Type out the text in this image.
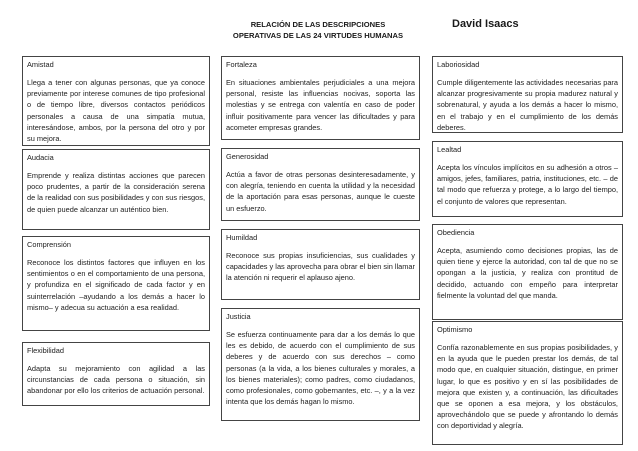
RELACIÓN DE LAS DESCRIPCIONES
OPERATIVAS DE LAS 24 VIRTUDES HUMANAS
David Isaacs
Amistad
Llega a tener con algunas personas, que ya conoce previamente por interese comunes de tipo profesional o de tiempo libre, diversos contactos periódicos personales a causa de una simpatía mutua, interesándose, ambos, por la persona del otro y por su mejora.
Audacia
Emprende y realiza distintas acciones que parecen poco prudentes, a partir de la consideración serena de la realidad con sus posibilidades y con sus riesgos, de quien puede alcanzar un auténtico bien.
Comprensión
Reconoce los distintos factores que influyen en los sentimientos o en el comportamiento de una persona, y profundiza en el significado de cada factor y en suinterrelación –ayudando a los demás a hacer lo mismo– y adecua su actuación a esa realidad.
Flexibilidad
Adapta su mejoramiento con agilidad a las circunstancias de cada persona o situación, sin abandonar por ello los criterios de actuación personal.
Fortaleza
En situaciones ambientales perjudiciales a una mejora personal, resiste las influencias nocivas, soporta las molestias y se entrega con valentía en caso de poder influir positivamente para vencer las dificultades y para acometer empresas grandes.
Generosidad
Actúa a favor de otras personas desinteresadamente, y con alegría, teniendo en cuenta la utilidad y la necesidad de la aportación para esas personas, aunque le cueste un esfuerzo.
Humildad
Reconoce sus propias insuficiencias, sus cualidades y capacidades y las aprovecha para obrar el bien sin llamar la atención ni requerir el aplauso ajeno.
Justicia
Se esfuerza continuamente para dar a los demás lo que les es debido, de acuerdo con el cumplimiento de sus deberes y de acuerdo con sus derechos – como personas (a la vida, a los bienes culturales y morales, a los bienes materiales); como padres, como ciudadanos, como profesionales, como gobernantes, etc. –, y a la vez intenta que los demás hagan lo mismo.
Laboriosidad
Cumple diligentemente las actividades necesarias para alcanzar progresivamente su propia madurez natural y sobrenatural, y ayuda a los demás a hacer lo mismo, en el trabajo y en el cumplimiento de los demás deberes.
Lealtad
Acepta los vínculos implícitos en su adhesión a otros –amigos, jefes, familiares, patria, instituciones, etc. – de tal modo que refuerza y protege, a lo largo del tiempo, el conjunto de valores que representan.
Obediencia
Acepta, asumiendo como decisiones propias, las de quien tiene y ejerce la autoridad, con tal de que no se opongan a la justicia, y realiza con prontitud de decidido, actuando con empeño para interpretar fielmente la voluntad del que manda.
Optimismo
Confía razonablemente en sus propias posibilidades, y en la ayuda que le pueden prestar los demás, de tal modo que, en cualquier situación, distingue, en primer lugar, lo que es positivo y en sí las posibilidades de mejora que existen y, a continuación, las dificultades que se oponen a esa mejora, y los obstáculos, aprovechándolo que se puede y afrontando lo demás con deportividad y alegría.
